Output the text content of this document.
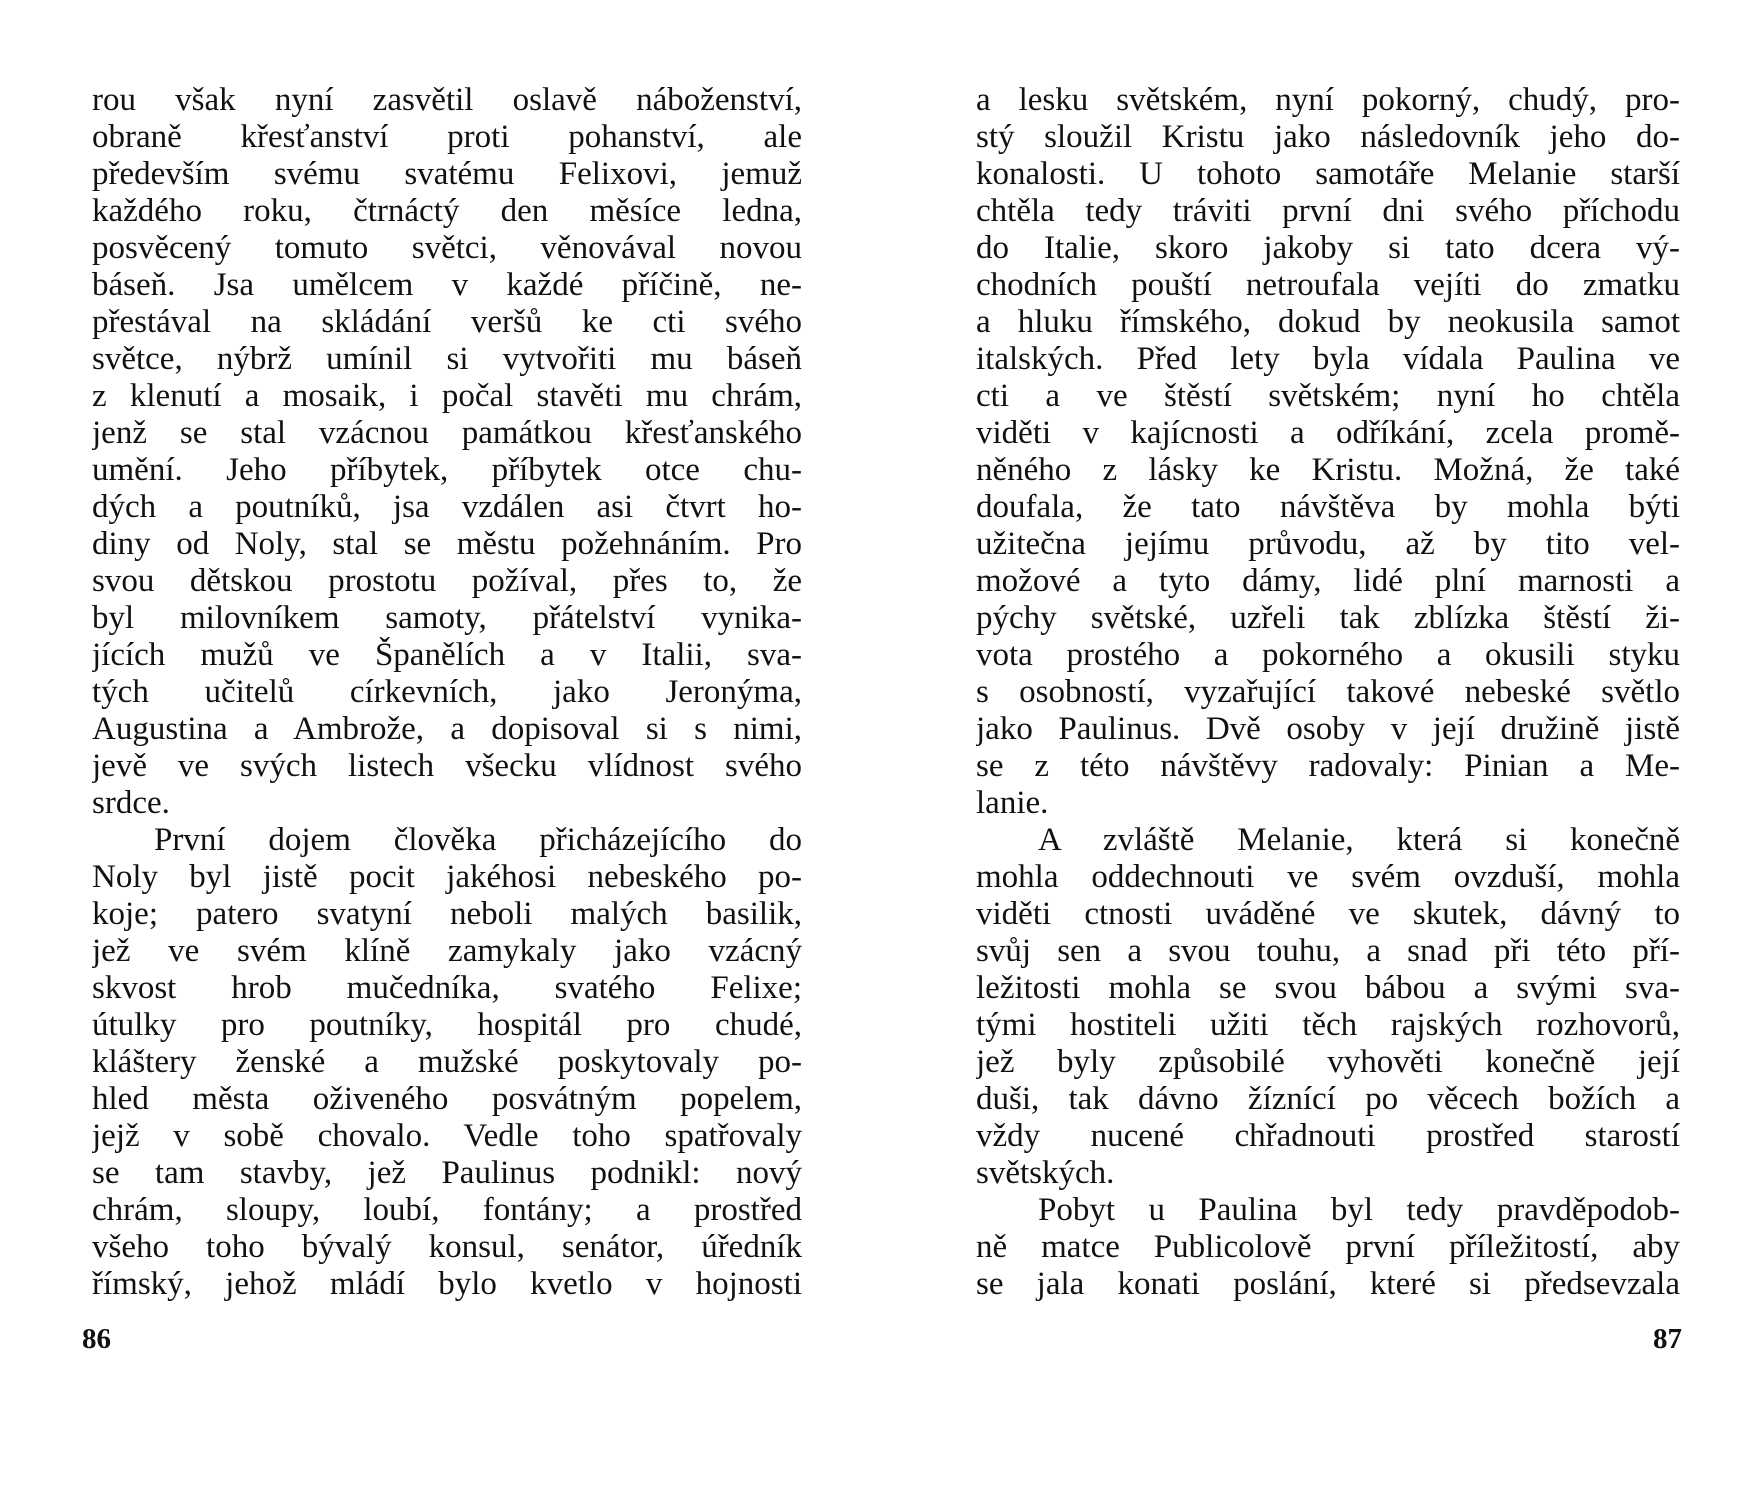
rou však nyní zasvětil oslavě náboženství,
obraně křesťanství proti pohanství, ale
především svému svatému Felixovi, jemuž
každého roku, čtrnáctý den měsíce ledna,
posvěcený tomuto světci, věnovával novou
báseň. Jsa umělcem v každé příčině, ne-
přestával na skládání veršů ke cti svého
světce, nýbrž umínil si vytvořiti mu báseň
z klenutí a mosaik, i počal stavěti mu chrám,
jenž se stal vzácnou památkou křesťanského
umění. Jeho příbytek, příbytek otce chu-
dých a poutníků, jsa vzdálen asi čtvrt ho-
diny od Noly, stal se městu požehnáním. Pro
svou dětskou prostotu požíval, přes to, že
byl milovníkem samoty, přátelství vynika-
jících mužů ve Španělích a v Italii, sva-
tých učitelů církevních, jako Jeronýma,
Augustina a Ambrože, a dopisoval si s nimi,
jevě ve svých listech všecku vlídnost svého
srdce.
První dojem člověka přicházejícího do
Noly byl jistě pocit jakéhosi nebeského po-
koje; patero svatyní neboli malých basilik,
jež ve svém klíně zamykaly jako vzácný
skvost hrob mučedníka, svatého Felixe;
útulky pro poutníky, hospitál pro chudé,
kláštery ženské a mužské poskytovaly po-
hled města oživeného posvátným popelem,
jejž v sobě chovalo. Vedle toho spatřovaly
se tam stavby, jež Paulinus podnikl: nový
chrám, sloupy, loubí, fontány; a prostřed
všeho toho bývalý konsul, senátor, úředník
římský, jehož mládí bylo kvetlo v hojnosti
86
a lesku světském, nyní pokorný, chudý, pro-
stý sloužil Kristu jako následovník jeho do-
konalosti. U tohoto samotáře Melanie starší
chtěla tedy tráviti první dni svého příchodu
do Italie, skoro jakoby si tato dcera vý-
chodních pouští netroufala vejíti do zmatku
a hluku římského, dokud by neokusila samot
italských. Před lety byla vídala Paulina ve
cti a ve štěstí světském; nyní ho chtěla
viděti v kajícnosti a odříkání, zcela promě-
něného z lásky ke Kristu. Možná, že také
doufala, že tato návštěva by mohla býti
užitečna jejímu průvodu, až by tito vel-
možové a tyto dámy, lidé plní marnosti a
pýchy světské, uzřeli tak zblízka štěstí ži-
vota prostého a pokorného a okusili styku
s osobností, vyzařující takové nebeské světlo
jako Paulinus. Dvě osoby v její družině jistě
se z této návštěvy radovaly: Pinian a Me-
lanie.
A zvláště Melanie, která si konečně
mohla oddechnouti ve svém ovzduší, mohla
viděti ctnosti uváděné ve skutek, dávný to
svůj sen a svou touhu, a snad při této pří-
ležitosti mohla se svou bábou a svými sva-
tými hostiteli užiti těch rajských rozhovorů,
jež byly způsobilé vyhověti konečně její
duši, tak dávno žíznící po věcech božích a
vždy nucené chřadnouti prostřed starostí
světských.
Pobyt u Paulina byl tedy pravděpodob-
ně matce Publicolově první příležitostí, aby
se jala konati poslání, které si předsevzala
87
